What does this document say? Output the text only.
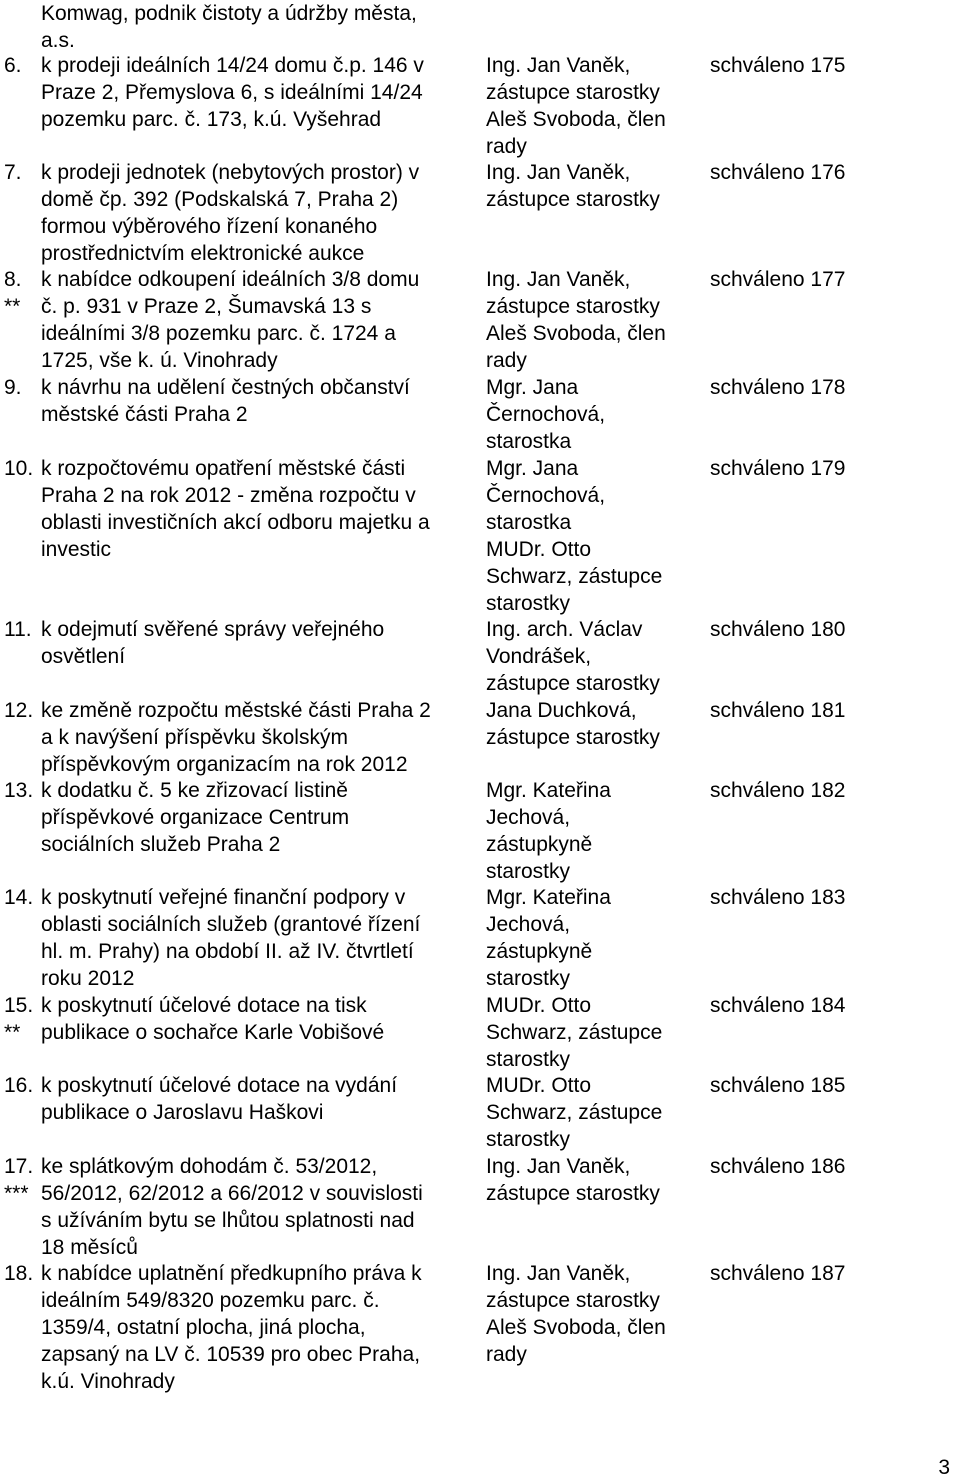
Komwag, podnik čistoty a údržby města,
a.s.
6. k prodeji ideálních 14/24 domu č.p. 146 v
Praze 2, Přemyslova 6, s ideálními 14/24
pozemku parc. č. 173, k.ú. Vyšehrad
Ing. Jan Vaněk,
zástupce starostky
Aleš Svoboda, člen
rady
schváleno 175
7. k prodeji jednotek (nebytových prostor) v
domě čp. 392 (Podskalská 7, Praha 2)
formou výběrového řízení konaného
prostřednictvím elektronické aukce
Ing. Jan Vaněk,
zástupce starostky
schváleno 176
8.
**
k nabídce odkoupení ideálních 3/8 domu
č. p. 931 v Praze 2, Šumavská 13 s
ideálními 3/8 pozemku parc. č. 1724 a
1725, vše k. ú. Vinohrady
Ing. Jan Vaněk,
zástupce starostky
Aleš Svoboda, člen
rady
schváleno 177
9. k návrhu na udělení čestných občanství
městské části Praha 2
Mgr. Jana
Černochová,
starostka
schváleno 178
10. k rozpočtovému opatření městské části
Praha 2 na rok 2012 - změna rozpočtu v
oblasti investičních akcí odboru majetku a
investic
Mgr. Jana
Černochová,
starostka
MUDr. Otto
Schwarz, zástupce
starostky
schváleno 179
11. k odejmutí svěřené správy veřejného
osvětlení
Ing. arch. Václav
Vondrášek,
zástupce starostky
schváleno 180
12. ke změně rozpočtu městské části Praha 2
a k navýšení příspěvku školským
příspěvkovým organizacím na rok 2012
Jana Duchková,
zástupce starostky
schváleno 181
13. k dodatku č. 5 ke zřizovací listině
příspěvkové organizace Centrum
sociálních služeb Praha 2
Mgr. Kateřina
Jechová,
zástupkyně
starostky
schváleno 182
14. k poskytnutí veřejné finanční podpory v
oblasti sociálních služeb (grantové řízení
hl. m. Prahy) na období II. až IV. čtvrtletí
roku 2012
Mgr. Kateřina
Jechová,
zástupkyně
starostky
schváleno 183
15.
**
k poskytnutí účelové dotace na tisk
publikace o sochařce Karle Vobišové
MUDr. Otto
Schwarz, zástupce
starostky
schváleno 184
16. k poskytnutí účelové dotace na vydání
publikace o Jaroslavu Haškovi
MUDr. Otto
Schwarz, zástupce
starostky
schváleno 185
17.
***
ke splátkovým dohodám č. 53/2012,
56/2012, 62/2012 a 66/2012 v souvislosti
s užíváním bytu se lhůtou splatnosti nad
18 měsíců
Ing. Jan Vaněk,
zástupce starostky
schváleno 186
18. k nabídce uplatnění předkupního práva k
ideálním 549/8320 pozemku parc. č.
1359/4, ostatní plocha, jiná plocha,
zapsaný na LV č. 10539 pro obec Praha,
k.ú. Vinohrady
Ing. Jan Vaněk,
zástupce starostky
Aleš Svoboda, člen
rady
schváleno 187
3
